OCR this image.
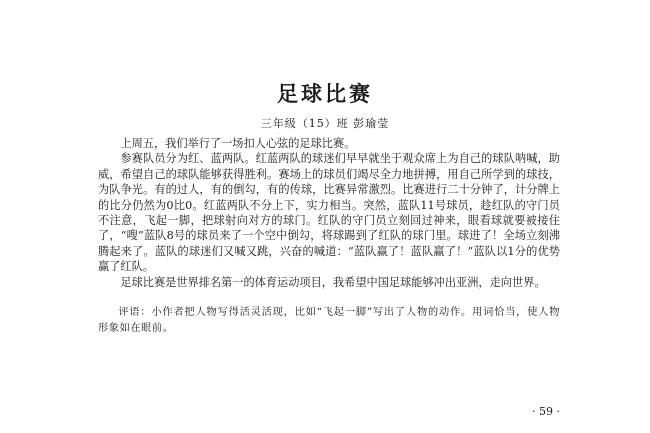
足球比赛
三年级（15）班 彭瑜莹

上周五，我们举行了一场扣人心弦的足球比赛。

参赛队员分为红、蓝两队。红蓝两队的球迷们早早就坐于观众席上为自己的球队呐喊，助威，希望自己的球队能够获得胜利。赛场上的球员们竭尽全力地拼搏，用自己所学到的球技，为队争光。有的过人，有的倒勾，有的传球，比赛异常激烈。比赛进行二十分钟了，计分牌上的比分仍然为0比0。红蓝两队不分上下，实力相当。突然，蓝队11号球员，趁红队的守门员不注意，飞起一脚，把球射向对方的球门。红队的守门员立刻回过神来，眼看球就要被接住了，“嗖”蓝队8号的球员来了一个空中倒勾，将球踢到了红队的球门里。球进了！全场立刻沸腾起来了。蓝队的球迷们又喊又跳，兴奋的喊道：“蓝队赢了！蓝队赢了！”蓝队以1分的优势赢了红队。

足球比赛是世界排名第一的体育运动项目，我希望中国足球能够冲出亚洲，走向世界。

评语：小作者把人物写得活灵活现，比如“飞起一脚”写出了人物的动作。用词恰当，使人物形象如在眼前。

· 59 ·
